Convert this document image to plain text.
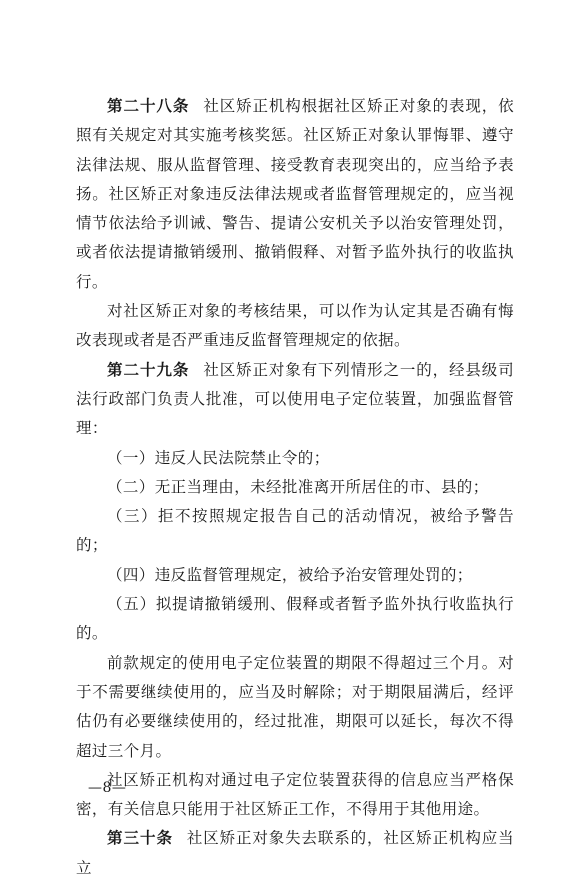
第二十八条 社区矫正机构根据社区矫正对象的表现，依照有关规定对其实施考核奖惩。社区矫正对象认罪悔罪、遵守法律法规、服从监督管理、接受教育表现突出的，应当给予表扬。社区矫正对象违反法律法规或者监督管理规定的，应当视情节依法给予训诫、警告、提请公安机关予以治安管理处罚，或者依法提请撤销缓刑、撤销假释、对暂予监外执行的收监执行。

对社区矫正对象的考核结果，可以作为认定其是否确有悔改表现或者是否严重违反监督管理规定的依据。

第二十九条 社区矫正对象有下列情形之一的，经县级司法行政部门负责人批准，可以使用电子定位装置，加强监督管理：

（一）违反人民法院禁止令的；

（二）无正当理由，未经批准离开所居住的市、县的；

（三）拒不按照规定报告自己的活动情况，被给予警告的；

（四）违反监督管理规定，被给予治安管理处罚的；

（五）拟提请撤销缓刑、假释或者暂予监外执行收监执行的。

前款规定的使用电子定位装置的期限不得超过三个月。对于不需要继续使用的，应当及时解除；对于期限届满后，经评估仍有必要继续使用的，经过批准，期限可以延长，每次不得超过三个月。

社区矫正机构对通过电子定位装置获得的信息应当严格保密，有关信息只能用于社区矫正工作，不得用于其他用途。

第三十条 社区矫正对象失去联系的，社区矫正机构应当立

—8—
